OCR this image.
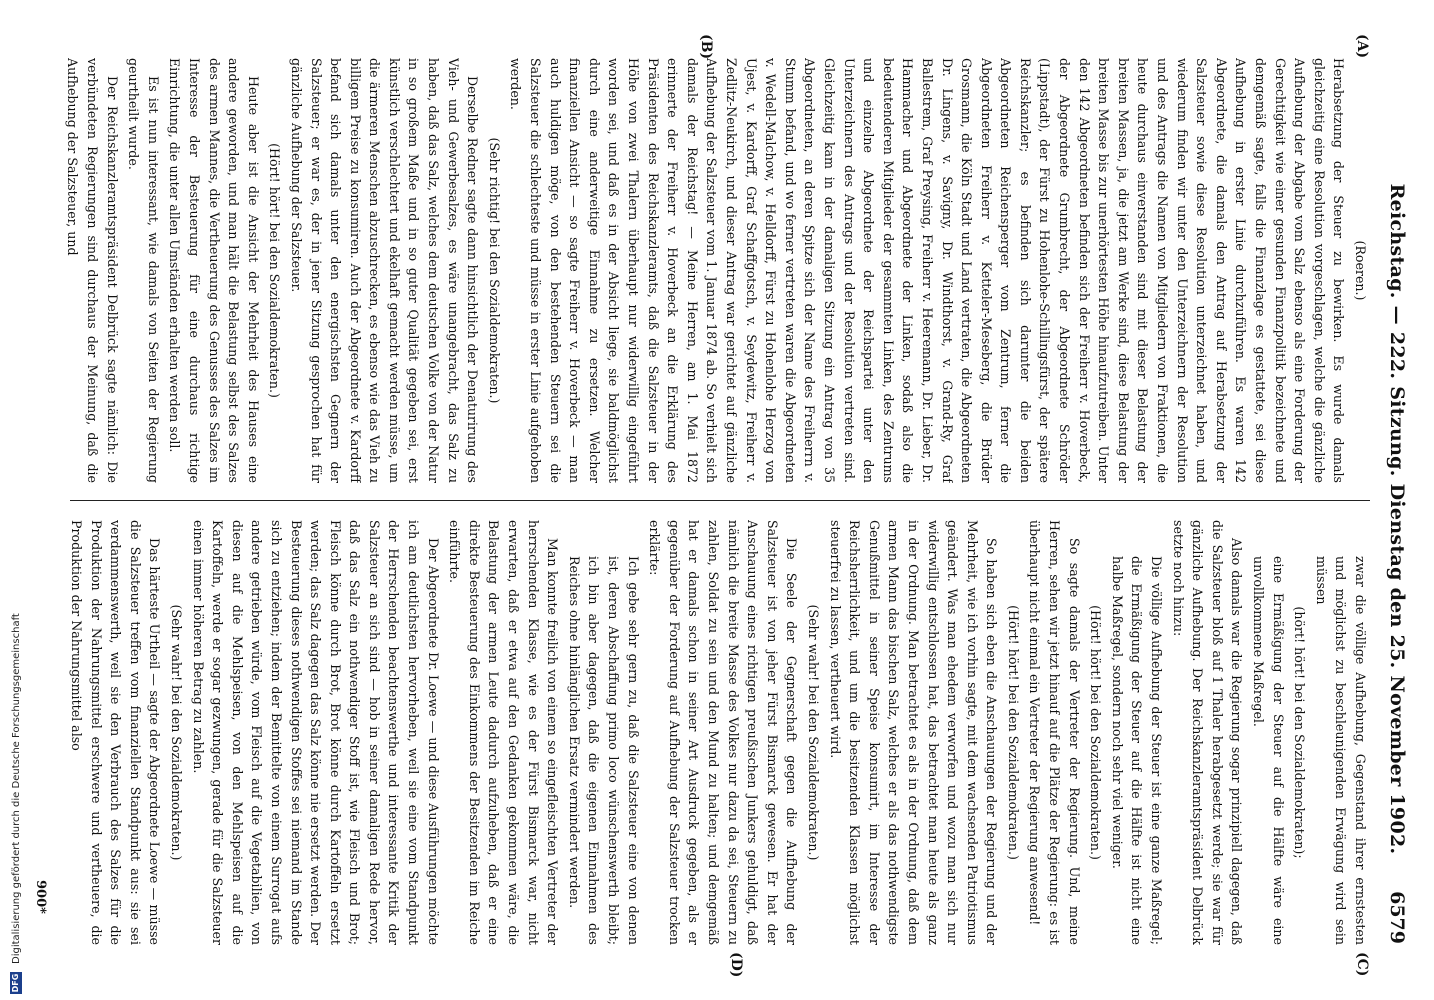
Reichstag. — 222. Sitzung. Dienstag den 25. November 1902.
6579
(A)
(B)
(C)
(D)

(Roeren.)

Herabsetzung der Steuer zu bewirken. Es wurde damals gleichzeitig eine Resolution vorgeschlagen, welche die gänzliche Aufhebung der Abgabe vom Salz ebenso als eine Forderung der Gerechtigkeit wie einer gesunden Finanzpolitik bezeichnete und demgemäß sagte, falls die Finanzlage es gestattete, sei diese Aufhebung in erster Linie durchzuführen. Es waren 142 Abgeordnete, die damals den Antrag auf Herabsetzung der Salzsteuer sowie diese Resolution unterzeichnet haben, und wiederum finden wir unter den Unterzeichnern der Resolution und des Antrags die Namen von Mitgliedern von Fraktionen, die heute durchaus einverstanden sind mit dieser Belastung der breiten Massen, ja, die jetzt am Werke sind, diese Belastung der breiten Masse bis zur unerhörtesten Höhe hinaufzutreiben. Unter den 142 Abgeordneten befinden sich der Freiherr v. Hoverbeck, der Abgeordnete Grumbrecht, der Abgeordnete Schröder (Lippstadt), der Fürst zu Hohenlohe-Schillingsfürst, der spätere Reichskanzler; es befinden sich darunter die beiden Abgeordneten Reichensperger vom Zentrum, ferner die Abgeordneten Freiherr v. Ketteler-Meseberg, die Brüder Grosmann, die Köln Stadt und Land vertraten, die Abgeordneten Dr. Lingens, v. Savigny, Dr. Windthorst, v. Grand-Ry, Graf Ballestrem, Graf Preysing, Freiherr v. Heeremann, Dr. Lieber, Dr. Hammacher und Abgeordnete der Linken, sodaß also die bedeutenderen Mitglieder der gesammten Linken, des Zentrums und einzelne Abgeordnete der Reichspartei unter den Unterzeichnern des Antrags und der Resolution vertreten sind. Gleichzeitig kam in der damaligen Sitzung ein Antrag von 35 Abgeordneten, an deren Spitze sich der Name des Freiherrn v. Stumm befand, und wo ferner vertreten waren die Abgeordneten v. Wedell-Malchow, v. Helldorff, Fürst zu Hohenlohe Herzog von Ujest, v. Kardorff, Graf Schaffgotsch, v. Seydewitz, Freiherr v. Zedlitz-Neukirch, und dieser Antrag war gerichtet auf gänzliche Aufhebung der Salzsteuer vom 1. Januar 1874 ab. So verhielt sich damals der Reichstag! — Meine Herren, am 1. Mai 1872 erinnerte der Freiherr v. Hoverbeck an die Erklärung des Präsidenten des Reichskanzleramts, daß die Salzsteuer in der Höhe von zwei Thalern überhaupt nur widerwillig eingeführt worden sei, und daß es in der Absicht liege, sie baldmöglichst durch eine anderweitige Einnahme zu ersetzen. Welcher finanziellen Ansicht — so sagte Freiherr v. Hoverbeck — man auch huldigen möge, von den bestehenden Steuern sei die Salzsteuer die schlechteste und müsse in erster Linie aufgehoben werden.

(Sehr richtig! bei den Sozialdemokraten.)

Derselbe Redner sagte dann hinsichtlich der Denaturirung des Vieh- und Gewerbesalzes, es wäre unangebracht, das Salz zu haben, daß das Salz, welches dem deutschen Volke von der Natur in so großem Maße und in so guter Qualität gegeben sei, erst künstlich verschlechtert und ekelhaft gemacht werden müsse, um die ärmeren Menschen abzuschrecken, es ebenso wie das Vieh zu billigem Preise zu konsumiren. Auch der Abgeordnete v. Kardorff befand sich damals unter den energischsten Gegnern der Salzsteuer; er war es, der in jener Sitzung gesprochen hat für gänzliche Aufhebung der Salzsteuer.

(Hört! hört! bei den Sozialdemokraten.)

Heute aber ist die Ansicht der Mehrheit des Hauses eine andere geworden, und man hält die Belastung selbst des Salzes des armen Mannes, die Vertheuerung des Genusses des Salzes im Interesse der Besteuerung für eine durchaus richtige Einrichtung, die unter allen Umständen erhalten werden soll.

Es ist nun interessant, wie damals von Seiten der Regierung geurtheilt wurde.

Der Reichskanzleramtspräsident Delbrück sagte nämlich: Die verbündeten Regierungen sind durchaus der Meinung, daß die Aufhebung der Salzsteuer, und

zwar die völlige Aufhebung, Gegenstand ihrer ernstesten und möglichst zu beschleunigenden Erwägung wird sein müssen

(hört! hört! bei den Sozialdemokraten);

eine Ermäßigung der Steuer auf die Hälfte wäre eine unvollkommene Maßregel.

Also damals war die Regierung sogar prinzipiell dagegen, daß die Salzsteuer bloß auf 1 Thaler herabgesetzt werde; sie war für gänzliche Aufhebung. Der Reichskanzleramtspräsident Delbrück setzte noch hinzu:

Die völlige Aufhebung der Steuer ist eine ganze Maßregel; die Ermäßigung der Steuer auf die Hälfte ist nicht eine halbe Maßregel, sondern noch sehr viel weniger.

(Hört! hört! bei den Sozialdemokraten.)

So sagte damals der Vertreter der Regierung. Und, meine Herren, sehen wir jetzt hinauf auf die Plätze der Regierung: es ist überhaupt nicht einmal ein Vertreter der Regierung anwesend!

(Hört! hört! bei den Sozialdemokraten.)

So haben sich eben die Anschauungen der Regierung und der Mehrheit, wie ich vorhin sagte, mit dem wachsenden Patriotismus geändert. Was man ehedem verworfen und wozu man sich nur widerwillig entschlossen hat, das betrachtet man heute als ganz in der Ordnung. Man betrachtet es als in der Ordnung, daß dem armen Mann das bischen Salz, welches er als das nothwendigste Genußmittel in seiner Speise konsumirt, im Interesse der Reichsherrlichkeit, und um die besitzenden Klassen möglichst steuerfrei zu lassen, vertheuert wird.

(Sehr wahr! bei den Sozialdemokraten.)

Die Seele der Gegnerschaft gegen die Aufhebung der Salzsteuer ist von jeher Fürst Bismarck gewesen. Er hat der Anschauung eines richtigen preußischen Junkers gehuldigt, daß nämlich die breite Masse des Volkes nur dazu da sei, Steuern zu zahlen, Soldat zu sein und den Mund zu halten; und demgemäß hat er damals schon in seiner Art Ausdruck gegeben, als er gegenüber der Forderung auf Aufhebung der Salzsteuer trocken erklärte:

Ich gebe sehr gern zu, daß die Salzsteuer eine von denen ist, deren Abschaffung primo loco wünschenswerth bleibt; ich bin aber dagegen, daß die eigenen Einnahmen des Reiches ohne hinlänglichen Ersatz vermindert werden.

Man konnte freilich von einem so eingefleischten Vertreter der herrschenden Klasse, wie es der Fürst Bismarck war, nicht erwarten, daß er etwa auf den Gedanken gekommen wäre, die Belastung der armen Leute dadurch aufzuheben, daß er eine direkte Besteuerung des Einkommens der Besitzenden im Reiche einführte.

Der Abgeordnete Dr. Loewe — und diese Ausführungen möchte ich am deutlichsten hervorheben, weil sie eine vom Standpunkt der Herrschenden beachtenswerthe und interessante Kritik der Salzsteuer an sich sind — hob in seiner damaligen Rede hervor, daß das Salz ein nothwendiger Stoff ist, wie Fleisch und Brot; Fleisch könne durch Brot, Brot könne durch Kartoffeln ersetzt werden; das Salz dagegen das Salz könne nie ersetzt werden. Der Besteuerung dieses nothwendigen Stoffes sei niemand im Stande sich zu entziehen; indem der Bemittelte von einem Surrogat aufs andere getrieben würde, vom Fleisch auf die Vegetabilien, von diesen auf die Mehlspeisen, von den Mehlspeisen auf die Kartoffeln, werde er sogar gezwungen, gerade für die Salzsteuer einen immer höheren Betrag zu zahlen.

(Sehr wahr! bei den Sozialdemokraten.)

Das härteste Urtheil — sagte der Abgeordnete Loewe — müsse die Salzsteuer treffen vom finanziellen Standpunkt aus: sie sei verdammenswerth, weil sie den Verbrauch des Salzes für die Produktion der Nahrungsmittel erschwere und vertheuere, die Produktion der Nahrungsmittel also

900*
DFG
Digitalisierung gefördert durch die Deutsche Forschungsgemeinschaft
